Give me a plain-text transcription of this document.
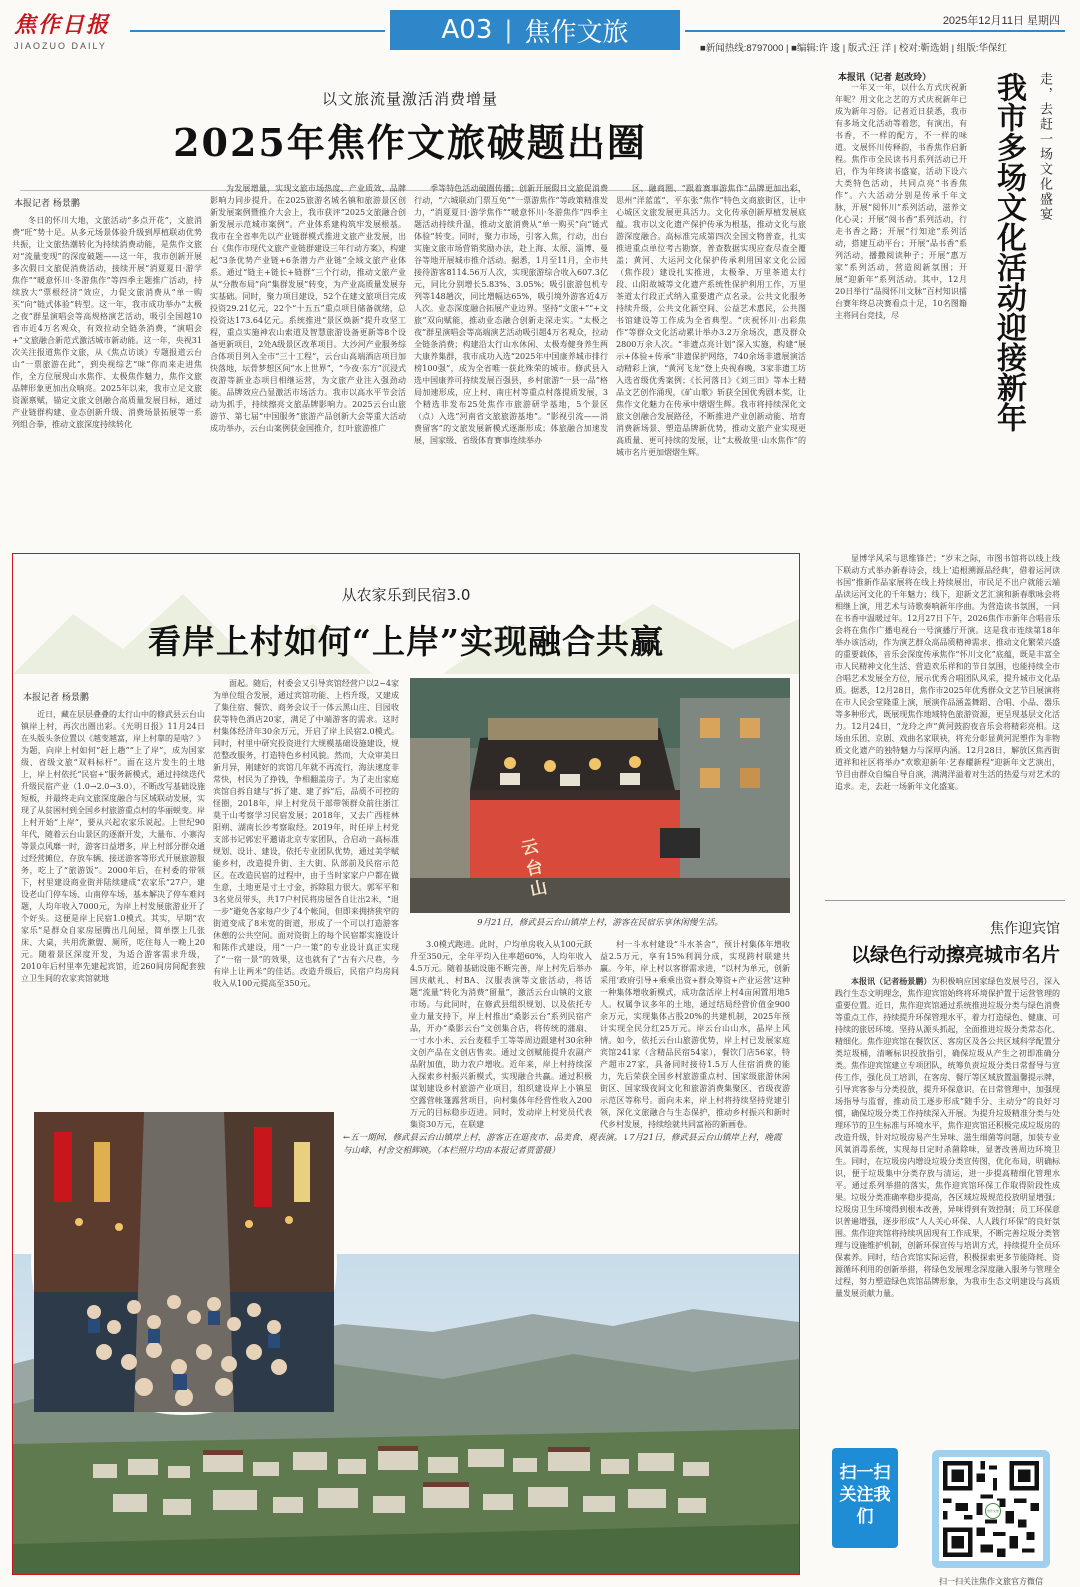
焦作日报
JIAOZUO DAILY
A03 | 焦作文旅	2025年12月11日 星期四
■新闻热线:8797000 | ■编辑:许 逡 | 版式:汪 洋 | 校对:靳选娟 | 组版:华保红
以文旅流量激活消费增量
2025年焦作文旅破题出圈
本报记者 杨景鹏

冬日的怀川大地，文旅活动“多点开花”，文旅消费“旺”势十足。从多元场景体验升级到厚植联动优势共振，让文旅热潮转化为持续消费动能，是焦作文旅对“流量变现”的深度破题——这一年，我市创新开展多次假日文旅促消费活动，接续开展“消夏夏日·游学焦作”“暖意怀川·冬游焦作”等四季主题推广活动，持续放大“票根经济”效应，力促文旅消费从“单一购买”向“链式体验”转型。这一年，我市成功举办“太极之夜”群星演唱会等高规格演艺活动，吸引全国越10省市近4万名观众，有效拉动全链条消费，“演唱会+”文旅融合新范式激活城市新动能。这一年，央视31次关注报道焦作文旅，从《焦点访谈》专题报道云台山“一票旅游在此”，到央视综艺“味”你而来走进焦作，全方位展现山水焦作、太极焦作魅力，焦作文旅品牌形象更加出众响亮。2025年以来，我市立足文旅资源禀赋，锚定文旅文创融合高质量发展目标，通过产业链群构建、业态创新升级、消费场景拓展等一系列组合拳，推动文旅深度持续转化

为发展增量，实现文旅市场热度、产业质效、品牌影响力同步提升。在2025旅游名城名镇和旅游景区创新发展案例暨推介大会上，我市获评“2025文旅融合创新发展示范城市案例”。产业体系建构筑牢发展根基。我市在全省率先以产业链群模式推进文旅产业发展，出台《焦作市现代文旅产业链群建设三年行动方案》，构建起“3条优势产业链+6条潜力产业链”全域文旅产业体系。通过“链主+链长+链群”三个行动，推动文旅产业从“分散布局”向“集群发展”转变，为产业高质量发展夯实基础。同时，聚力项目建设，52个在建文旅项目完成投资29.21亿元，22个“十五五”重点项目储备就绪，总投资达173.64亿元。系统推进“景区焕新”提升攻坚工程，重点实施神农山索道及智慧旅游设备更新等8个设备更新项目，2处A级景区改革项目。大沙河产业服务综合体项目列入全市“三十工程”，云台山高端酒店项目加快落地，坛骨梦想区间“水上世界”、“今夜·东方”沉浸式夜游等新业态项目相继运营，为文旅产业注入强劲动能。品牌效应凸显激活市场活力。我市以高水平节会活动为抓手，持续擦亮文旅品牌影响力。2025云台山旅游节、第七届“中国服务”旅游产品创新大会等重大活动成功举办，云台山案例获金国推介，红叶旅游推广

季等特色活动破圈传播；创新开展假日文旅促消费行动，“六城联动门票互免”“一票游焦作”等政策精准发力，“消夏夏日·游学焦作”“暖意怀川·冬游焦作”四季主题活动持续升温，推动文旅消费从“单一购买”向“链式体验”转变。同时，聚力市场，引客入焦，行动，出台实施文旅市场营销奖励办法，赴上海、太原、淄博、曼谷等地开展城市推介活动。据悉，1月至11月，全市共接待游客8114.56万人次，实现旅游综合收入607.3亿元，同比分别增长5.83%、3.05%；吸引旅游包机专列等148趟次，同比增幅达65%，吸引境外游客近4万人次。业态深度融合拓展产业边界。坚持“文旅+”“+文旅”双向赋能，推动业态融合创新走深走实。“太极之夜”群星演唱会等高端演艺活动吸引超4万名观众，拉动全链条消费；构建沿太行山水休闲、太极寿健身养生两大康养集群，我市成功入选“2025年中国康养城市排行榜100强”，成为全省唯一获此殊荣的城市。修武县入选中国康养可持续发展百强县，乡村旅游“一县一品”格局加速形成，应上村、南庄村等重点村落提质发展，3个精选非发布25处焦作市旅游研学基地，5个景区（点）入选“河南省文旅旅游基地”。“影视引流——消费留客”的文旅发展新模式逐渐形成；体旅融合加速发展，国家级、省级体育赛事连续举办

区、融商圈、“跟着赛事游焦作”品牌更加出彩，思州“洋蓝蓝”、平东张“焦作”特色文商旅街区，让中心城区文旅发展更具活力。文化传承创新厚植发展底蕴。我市以文化遗产保护传承为根基，推动文化与旅游深度融合。高标准完成第四次全国文物普查，扎实推进重点单位考古勘察，普查数据实现应查尽查全覆盖；黄河、大运河文化保护传承利用国家文化公园（焦作段）建设扎实推进，太极拳、万里茶道太行段、山阳故城等文化遗产系统性保护利用工作，万里茶道太行段正式纳入重要遗产点名录。公共文化服务持续升级，公共文化新空间、公益艺术惠民，公共图书馆建设等工作成为全省典型。“庆祝怀川·出彩焦作”等群众文化活动累计举办3.2万余场次，惠及群众2800万余人次。“非遗点亮计划”深入实施，构建“展示+体验+传承”非遗保护网络，740余场非遗展演活动精彩上演，“黄河飞龙”登上央视春晚，3家非遗工坊入选省级优秀案例；《长河落日》《刘三田》等本土精品文艺创作涌现，《矿山歌》斩获全国优秀剧本奖，让焦作文化魅力在传承中熠熠生辉。我市将持续深化文旅文创融合发展路径，不断推进产业创新动能、培育消费新场景、塑造品牌新优势，推动文旅产业实现更高质量、更可持续的发展，让“太极故里·山水焦作”的城市名片更加熠熠生辉。

从农家乐到民宿3.0
看岸上村如何“上岸”实现融合共赢
本报记者 杨景鹏

近日，藏在层层叠叠的太行山中的修武县云台山镇岸上村，再次出圈出彩。《光明日报》11月24日在头版头条位置以《越变越富，岸上村靠的是啥？》为题，向岸上村如何“赶上趟”“上了岸”，成为国家级、省级文旅“双料标杆”。面在这片发生的土地上，岸上村依托“民宿+”服务新模式，通过持续迭代升级民宿产业（1.0→2.0→3.0），不断改写基础设施短板，并最终走向文旅深度融合与区域联动发展，实现了从贫困村到全国乡村旅游重点村的华丽蜕变。岸上村开始“上岸”，要从兴起农家乐说起。上世纪90年代，随着云台山景区的逐渐开发，大量布、小寨沟等景点风靡一时，游客日益增多，岸上村部分群众通过经营摊位、存放车辆、接送游客等形式开展旅游服务，吃上了“旅游饭”。2000年后，在村委的带领下，村里建设商业街并陆续建成“农家乐”27户，建设老山门停车场、山南停车场，基本解决了停车难问题，人均年收入7000元，为岸上村发展旅游业开了个好头。这便是岸上民宿1.0模式。其实，早期“农家乐”是群众自家房屋腾出几间屋，简单摆上几张床、大桌，共用洗漱盥、厕所，吃住每人一晚上20元。随着景区深度开发，为适合游客需求升级，2010年后村里率先建起宾馆，近260间房间配套独立卫生间的农家宾馆就地

面起。随后，村委会又引导宾馆经营户以2~4家为单位组合发展，通过宾馆功能、上档升级，又建成了集住宿、餐饮、商务会议于一体云黑山庄、目园收获等特色酒店20家，满足了中端游客的需求。这时村集体经济年30余万元，开启了岸上民宿2.0模式。同时，村里中研究投资进行大规模基础设施建设，规范整改服务，打造特色乡村风貌。然而，大众审美日新月异，刚建好的宾馆几年就不再流行，海法速度非常快，村民为了挣钱，争相翻盖房子。为了走出家庭宾馆自拆自建与“拆了建、建了拆”后，品质不可控的怪圈，2018年，岸上村党员干部带领群众前往浙江莫干山考察学习民宿发展；2018年，又去广西桂林阳朔、湖南长沙考察取经。2019年，时任岸上村党支部书记郭宏平邀请北京专家团队，合启动一高标准规划、设计、建设，依托专业团队优势，通过美学赋能乡村，改造提升街、主大街、队部前及民宿示范区。在改造民宿的过程中，由于当时家家户户都在做生意，土地更是寸土寸金，拆除阻力很大。郭军平和3名党员带头，共17户村民将房屋各自让出2米，“退一步”避免各家每户少了4个帐间，但即来拥挤狭窄的街道变成了8米宽的街道，形成了一个可以打造游客休憩的公共空间。面对资街上的每个民宿都实施设计和陈作式建设，用“一户一策”的专业设计真正实现了“一宿一景”的效果，这也就有了“古有六尺巷，今有岸上让两米”的佳话。改造升级后，民宿户均房间收入从100元提高至350元。

云台山
9月21日，修武县云台山镇岸上村，游客在民宿乐享休闲慢生活。

3.0模式跑进。此时，户均单房收入从100元跃升至350元，全年平均入住率超60%，人均年收入4.5万元。随着基础设施不断完善，岸上村先后举办国庆献礼、村BA、汉服表演等文旅活动，将话题“流量”转化为消费“留量”，激活云台山镇的文旅市场。与此同时，在修武县组织规划、以及依托专业力量支持下，岸上村推出“桑影云台”系列民宿产品，开办“桑影云台”文创集合店，将传统的蒲扇、一寸水小米、云台麦糕手工等等周边跟建村30余种文创产品在文创店售卖。通过文创赋能提升农副产品附加值，助力农户增收。近年来，岸上村持续深入探索乡村振兴新模式，实现融合共赢。通过积极谋划建设乡村旅游产业项目，组织建设岸上小镇星空露营帐篷露营项目，向村集体年经营性收入200万元的目标稳步迈进。同时，发动岸上村党员代表集资30万元，在联建

村一斗水村建设“斗水茶舍”，预计村集体年增收益2.5万元，享有15%利润分成，实现跨村联建共赢。今年，岸上村以客群需求进，“以村为单元，创新采用‘政府引导+乘乘出资+群众筹资+产业运营’这种一种集体增收新模式，成功盘活岸上村4亩闲置用地5人。权属争议多年的土地，通过结局经营价值金900余万元，实现集体占股20%的共建机制，2025年预计实现全民分红25万元。岸云台山山水，晶岸上风情。如今，依托云台山旅游优势，岸上村已发展家庭宾馆241家（含精品民宿54家），餐饮门店56家，特产超市27家，具备同时接待1.5万人住宿消费的能力，先后荣获全国乡村旅游重点村、国家级旅游休闲街区、国家级夜间文化和旅游消费集聚区、省级夜游示范区等称号。面向未来，岸上村将持续坚持党建引领，深化文旅融合与生态保护，推动乡村振兴和新时代乡村发展，持续绘就共同富裕的新画卷。

←五一期间，修武县云台山镇岸上村，游客正在逛夜市、品美食、观表演。↓7月21日，修武县云台山镇岸上村，晚霞与山峰、村舍交相辉映。（本栏照片均由本报记者贾蕾摄）
本报讯（记者 赵改玲）

一年又一年，以什么方式庆祝新年呢？用文化之艺的方式庆祝新年已成为新年习俗。记者近日获悉，我市有多场文化活动等着您，有演出，有书香，不一样的配方，不一样的味道。文展怀川传释韵，书香焦作启新程。焦作市全民读书月系列活动已开启，作为年终读书盛宴，活动下设六大类特色活动，共同点亮“书香焦作”。六大活动分别是传承千年文脉，开展“阅怀川”系列活动，滋养文化心灵；开展“阅书香”系列活动，行走书香之路；开展“行知途”系列活动，搭建互动平台；开展“品书香”系列活动，播撒阅读种子；开展“惠万家”系列活动，营造阅新氛围；开展“迎新年”系列活动。其中，12月20日举行“品阅怀川文脉”百村知识擂台赛年终总决赛看点十足，10名图籍主将同台竞技，尽

显博学风采与思维锋芒；“岁末之际，市图书馆将以线上线下联动方式举办新春诗会，线上‘追根溯源品经典’，借着运河读书国”推新作品家展将在线上持续展出，市民足不出户就能云端品读运河文化的千年魅力；线下，迎新文艺汇演和新春歌咏会将相继上演，用艺术与诗歌奏响新年序曲。为营造读书氛围，一同在书香中温暖过年。12月27日下午，2026焦作市新年合唱音乐会将在焦作广播电视台一号演播厅开演。这是我市连续第18年举办该活动，作为演艺群众高品质精神需求、推动文化繁荣兴盛的重要载体，音乐会深度传承焦作“怀川文化”底蕴，既是丰富全市人民精神文化生活、营造欢乐祥和的节日氛围，也能持续全市合唱艺术发展全方位，展示优秀合唱团队风采，提升城市文化品质。据悉，12月28日，焦作市2025年优秀群众文艺节目展演将在市人民会堂隆重上演，展演作品涵盖舞蹈、合唱、小品、器乐等多种形式，既展现焦作地域特色旅游资源，更呈现基层文化活力。12月24日，“龙玲之声”黄河鼓韵夜音乐会将精彩亮相。这场由乐团、京剧、戏曲名家联袂，将充分彰显黄河泥塑作为非物质文化遗产的独特魅力与深厚内涵。12月28日，解放区焦西街道祥和社区将举办“欢歌迎新年·艺春耀新程”迎新年文艺演出，节目由群众自编自导自演，满满洋溢着对生活的热爱与对艺术的追求。走，去赶一场新年文化盛宴。

我市多场文化活动迎接新年 走，去赶一场文化盛宴
焦作迎宾馆
以绿色行动擦亮城市名片

本报讯（记者杨景鹏）为积极响应国家绿色发展号召，深入践行生态文明理念，焦作迎宾馆始终将环境保护置于运营管理的重要位置。近日，焦作迎宾馆通过系统推进垃圾分类与绿色消费等重点工作，持续提升环保管理水平，着力打造绿色、健康、可持续的旅居环境。坚持从源头抓起，全面推进垃圾分类常态化、精细化。焦作迎宾馆在餐饮区、客房区及各公共区域科学配置分类垃圾桶，清晰标识投放指引，确保垃圾从产生之初即准确分类。焦作迎宾馆建立专项团队，统筹负责垃圾分类日常督导与宣传工作，强化员工培训，在客房、餐厅等区域放置温馨提示牌，引导宾客参与分类投放，提升环保意识。在日常管理中，加强现场指导与监督，推动员工逐步形成“随手分、主动分”的良好习惯，确保垃圾分类工作持续深入开展。为提升垃圾精准分类与处理环节的卫生标准与环境水平，焦作迎宾馆还积极完成垃圾房的改造升级，针对垃圾房易产生异味、滋生细菌等问题，加装专业风氧消毒系统，实现每日定时杀菌除味，显著改善周边环境卫生。同时，在垃圾房内增设垃圾分类宣传图，优化布局，明确标识，便于垃圾集中分类存放与清运，进一步提高精细化管理水平。通过系列举措的落实，焦作迎宾馆环保工作取得阶段性成果。垃圾分类准确率稳步提高，各区域垃圾规范投放明显增强；垃圾房卫生环境得到根本改善，异味得到有效控制；员工环保意识普遍增强，逐步形成“人人关心环保、人人践行环保”的良好氛围。焦作迎宾馆将持续巩固现有工作成果，不断完善垃圾分类管理与设施维护机制，创新环保宣传与培训方式，持续提升全员环保素养。同时，结合宾馆实际运营，积极探索更多节能降耗、资源循环利用的创新举措，将绿色发展理念深度融入服务与管理全过程，努力塑造绿色宾馆品牌形象，为我市生态文明建设与高质量发展贡献力量。

扫一扫关注我们	焦作文旅
扫一扫关注焦作文旅官方微信
